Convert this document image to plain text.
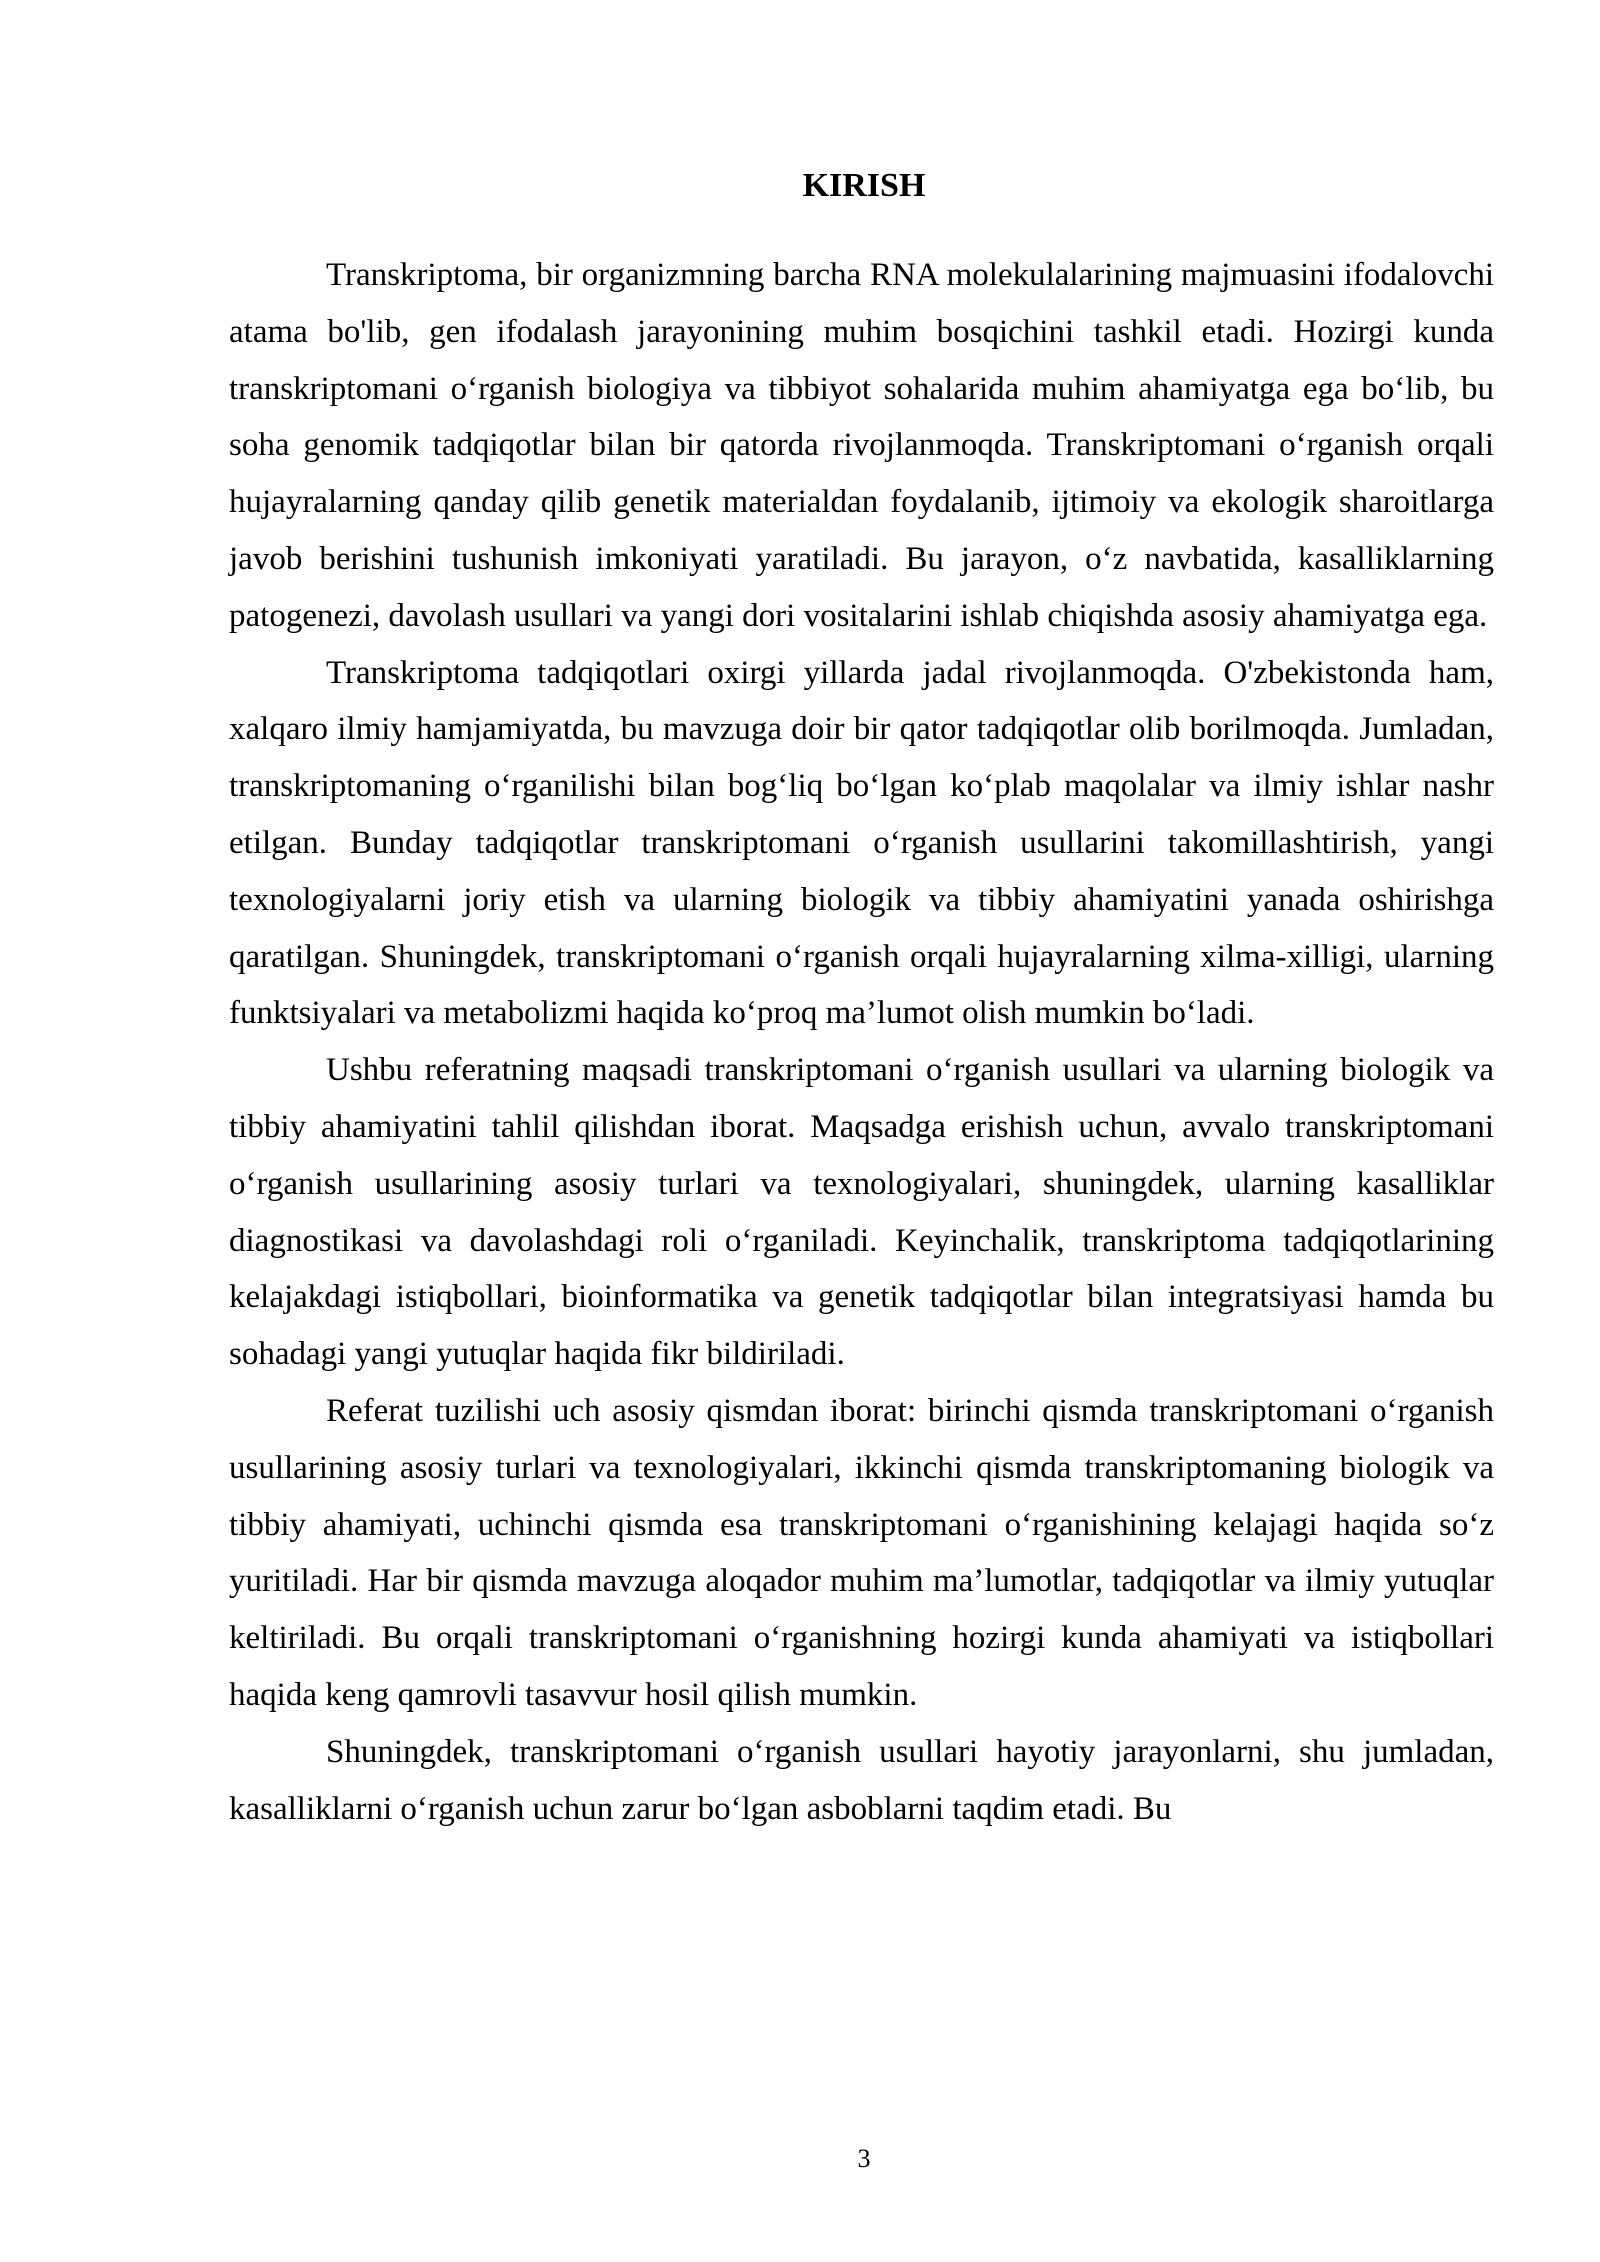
KIRISH

Transkriptoma, bir organizmning barcha RNA molekulalarining majmuasini ifodalovchi atama bo'lib, gen ifodalash jarayonining muhim bosqichini tashkil etadi. Hozirgi kunda transkriptomani o‘rganish biologiya va tibbiyot sohalarida muhim ahamiyatga ega bo‘lib, bu soha genomik tadqiqotlar bilan bir qatorda rivojlanmoqda. Transkriptomani o‘rganish orqali hujayralarning qanday qilib genetik materialdan foydalanib, ijtimoiy va ekologik sharoitlarga javob berishini tushunish imkoniyati yaratiladi. Bu jarayon, o‘z navbatida, kasalliklarning patogenezi, davolash usullari va yangi dori vositalarini ishlab chiqishda asosiy ahamiyatga ega.

Transkriptoma tadqiqotlari oxirgi yillarda jadal rivojlanmoqda. O'zbekistonda ham, xalqaro ilmiy hamjamiyatda, bu mavzuga doir bir qator tadqiqotlar olib borilmoqda. Jumladan, transkriptomaning o‘rganilishi bilan bog‘liq bo‘lgan ko‘plab maqolalar va ilmiy ishlar nashr etilgan. Bunday tadqiqotlar transkriptomani o‘rganish usullarini takomillashtirish, yangi texnologiyalarni joriy etish va ularning biologik va tibbiy ahamiyatini yanada oshirishga qaratilgan. Shuningdek, transkriptomani o‘rganish orqali hujayralarning xilma-xilligi, ularning funktsiyalari va metabolizmi haqida ko‘proq ma’lumot olish mumkin bo‘ladi.

Ushbu referatning maqsadi transkriptomani o‘rganish usullari va ularning biologik va tibbiy ahamiyatini tahlil qilishdan iborat. Maqsadga erishish uchun, avvalo transkriptomani o‘rganish usullarining asosiy turlari va texnologiyalari, shuningdek, ularning kasalliklar diagnostikasi va davolashdagi roli o‘rganiladi. Keyinchalik, transkriptoma tadqiqotlarining kelajakdagi istiqbollari, bioinformatika va genetik tadqiqotlar bilan integratsiyasi hamda bu sohadagi yangi yutuqlar haqida fikr bildiriladi.

Referat tuzilishi uch asosiy qismdan iborat: birinchi qismda transkriptomani o‘rganish usullarining asosiy turlari va texnologiyalari, ikkinchi qismda transkriptomaning biologik va tibbiy ahamiyati, uchinchi qismda esa transkriptomani o‘rganishining kelajagi haqida so‘z yuritiladi. Har bir qismda mavzuga aloqador muhim ma’lumotlar, tadqiqotlar va ilmiy yutuqlar keltiriladi. Bu orqali transkriptomani o‘rganishning hozirgi kunda ahamiyati va istiqbollari haqida keng qamrovli tasavvur hosil qilish mumkin.

Shuningdek, transkriptomani o‘rganish usullari hayotiy jarayonlarni, shu jumladan, kasalliklarni o‘rganish uchun zarur bo‘lgan asboblarni taqdim etadi. Bu

3
